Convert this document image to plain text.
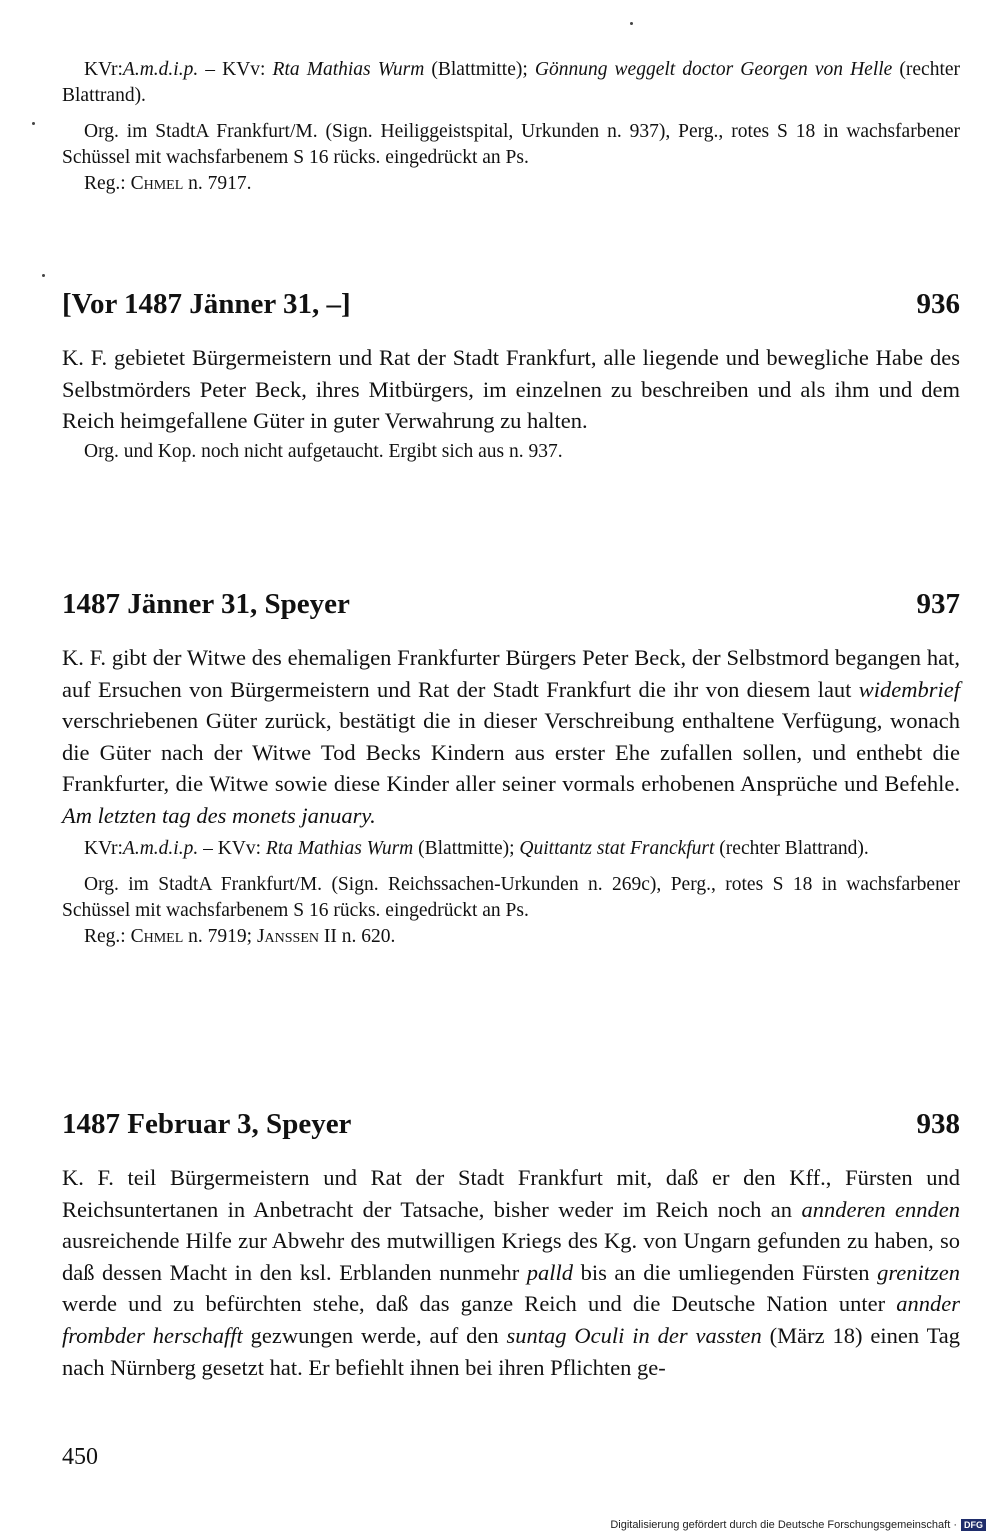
KVr:A.m.d.i.p. – KVv: Rta Mathias Wurm (Blattmitte); Gönnung weggelt doctor Georgen von Helle (rechter Blattrand).

Org. im StadtA Frankfurt/M. (Sign. Heiliggeistspital, Urkunden n. 937), Perg., rotes S 18 in wachsfarbener Schüssel mit wachsfarbenem S 16 rücks. eingedrückt an Ps.

Reg.: Chmel n. 7917.

[Vor 1487 Jänner 31, –]	936

K. F. gebietet Bürgermeistern und Rat der Stadt Frankfurt, alle liegende und bewegliche Habe des Selbstmörders Peter Beck, ihres Mitbürgers, im einzelnen zu beschreiben und als ihm und dem Reich heimgefallene Güter in guter Verwahrung zu halten.

Org. und Kop. noch nicht aufgetaucht. Ergibt sich aus n. 937.

1487 Jänner 31, Speyer	937

K. F. gibt der Witwe des ehemaligen Frankfurter Bürgers Peter Beck, der Selbstmord begangen hat, auf Ersuchen von Bürgermeistern und Rat der Stadt Frankfurt die ihr von diesem laut widembrief verschriebenen Güter zurück, bestätigt die in dieser Verschreibung enthaltene Verfügung, wonach die Güter nach der Witwe Tod Becks Kindern aus erster Ehe zufallen sollen, und enthebt die Frankfurter, die Witwe sowie diese Kinder aller seiner vormals erhobenen Ansprüche und Befehle. Am letzten tag des monets january.

KVr:A.m.d.i.p. – KVv: Rta Mathias Wurm (Blattmitte); Quittantz stat Franckfurt (rechter Blattrand).

Org. im StadtA Frankfurt/M. (Sign. Reichssachen-Urkunden n. 269c), Perg., rotes S 18 in wachsfarbener Schüssel mit wachsfarbenem S 16 rücks. eingedrückt an Ps.

Reg.: Chmel n. 7919; Janssen II n. 620.

1487 Februar 3, Speyer	938

K. F. teil Bürgermeistern und Rat der Stadt Frankfurt mit, daß er den Kff., Fürsten und Reichsuntertanen in Anbetracht der Tatsache, bisher weder im Reich noch an annderen ennden ausreichende Hilfe zur Abwehr des mutwilligen Kriegs des Kg. von Ungarn gefunden zu haben, so daß dessen Macht in den ksl. Erblanden nunmehr palld bis an die umliegenden Fürsten grenitzen werde und zu befürchten stehe, daß das ganze Reich und die Deutsche Nation unter annder frombder herschafft gezwungen werde, auf den suntag Oculi in der vassten (März 18) einen Tag nach Nürnberg gesetzt hat. Er befiehlt ihnen bei ihren Pflichten ge-

450
Digitalisierung gefördert durch die Deutsche Forschungsgemeinschaft · DFG
